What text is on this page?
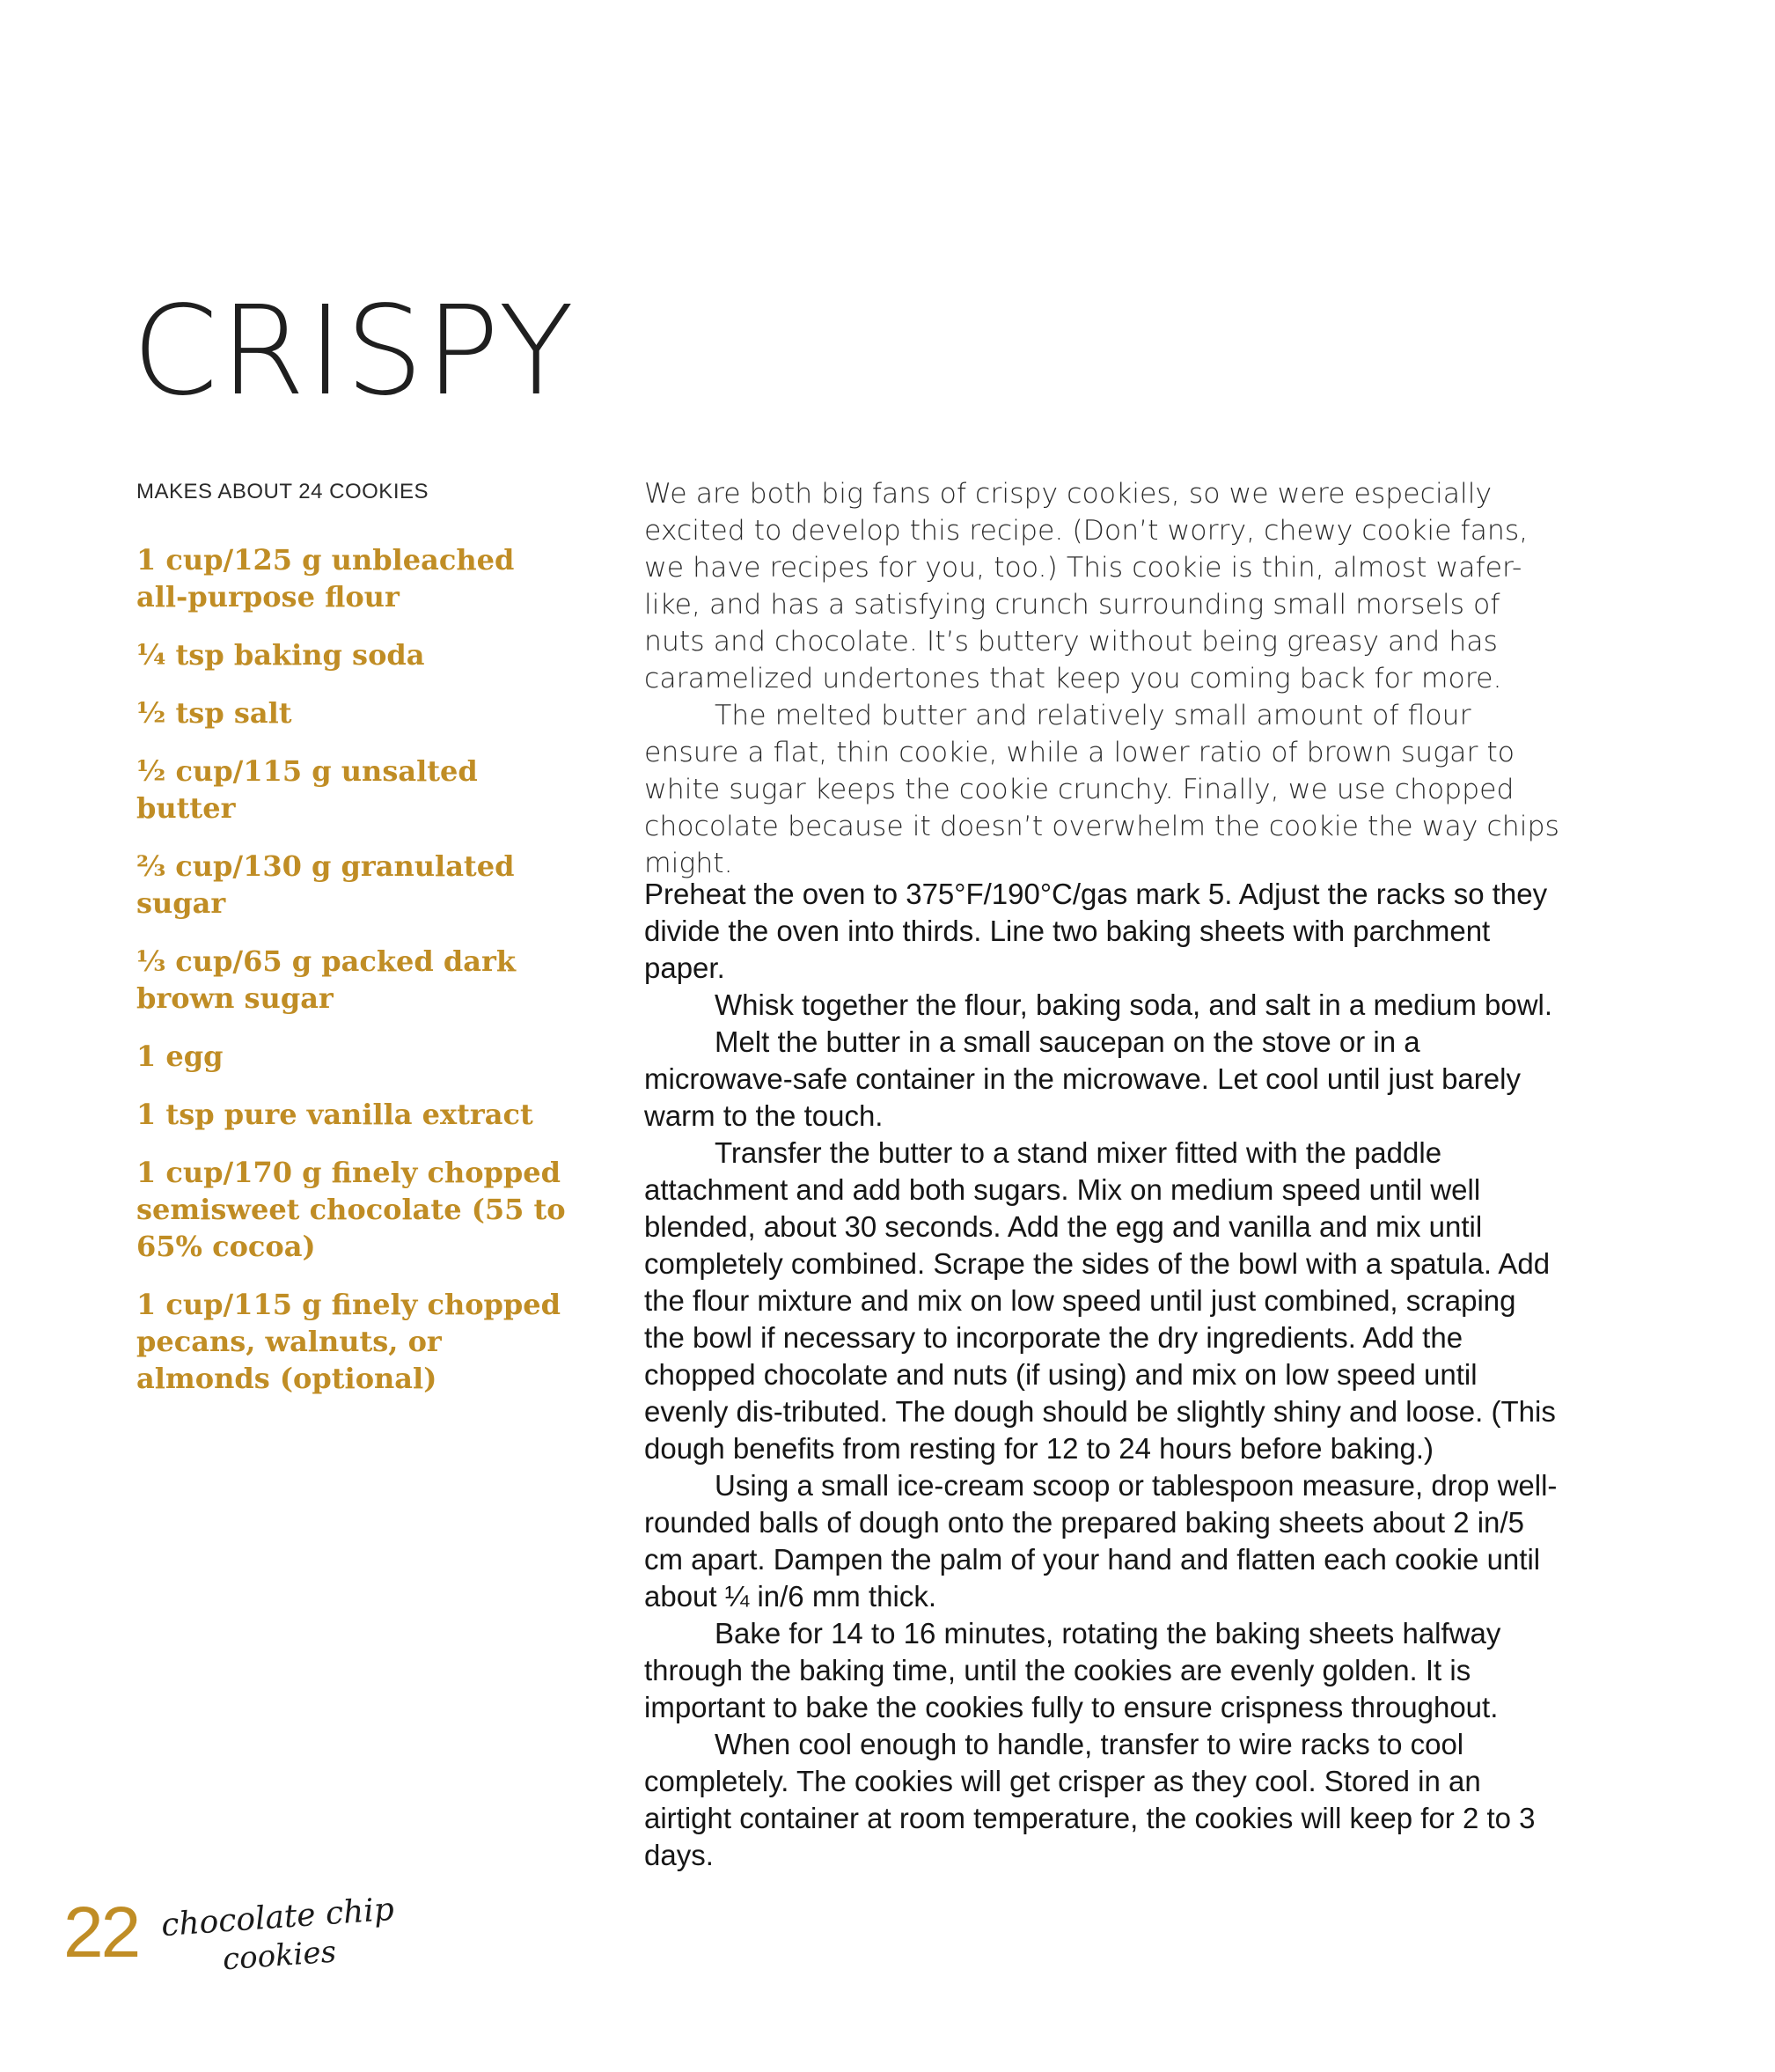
CRISPY
MAKES ABOUT 24 COOKIES
1 cup/125 g unbleached all-purpose flour
¼ tsp baking soda
½ tsp salt
½ cup/115 g unsalted butter
⅔ cup/130 g granulated sugar
⅓ cup/65 g packed dark brown sugar
1 egg
1 tsp pure vanilla extract
1 cup/170 g finely chopped semisweet chocolate (55 to 65% cocoa)
1 cup/115 g finely chopped pecans, walnuts, or almonds (optional)

We are both big fans of crispy cookies, so we were especially excited to develop this recipe. (Don’t worry, chewy cookie fans, we have recipes for you, too.) This cookie is thin, almost wafer-like, and has a satisfying crunch surrounding small morsels of nuts and chocolate. It’s buttery without being greasy and has caramelized undertones that keep you coming back for more.

The melted butter and relatively small amount of flour ensure a flat, thin cookie, while a lower ratio of brown sugar to white sugar keeps the cookie crunchy. Finally, we use chopped chocolate because it doesn’t overwhelm the cookie the way chips might.

Preheat the oven to 375°F/190°C/gas mark 5. Adjust the racks so they divide the oven into thirds. Line two baking sheets with parchment paper.

Whisk together the flour, baking soda, and salt in a medium bowl.

Melt the butter in a small saucepan on the stove or in a microwave-safe container in the microwave. Let cool until just barely warm to the touch.

Transfer the butter to a stand mixer fitted with the paddle attachment and add both sugars. Mix on medium speed until well blended, about 30 seconds. Add the egg and vanilla and mix until completely combined. Scrape the sides of the bowl with a spatula. Add the flour mixture and mix on low speed until just combined, scraping the bowl if necessary to incorporate the dry ingredients. Add the chopped chocolate and nuts (if using) and mix on low speed until evenly dis-tributed. The dough should be slightly shiny and loose. (This dough benefits from resting for 12 to 24 hours before baking.)

Using a small ice-cream scoop or tablespoon measure, drop well-rounded balls of dough onto the prepared baking sheets about 2 in/5 cm apart. Dampen the palm of your hand and flatten each cookie until about ¼ in/6 mm thick.

Bake for 14 to 16 minutes, rotating the baking sheets halfway through the baking time, until the cookies are evenly golden. It is important to bake the cookies fully to ensure crispness throughout.

When cool enough to handle, transfer to wire racks to cool completely. The cookies will get crisper as they cool. Stored in an airtight container at room temperature, the cookies will keep for 2 to 3 days.

22 chocolate chip
cookies
